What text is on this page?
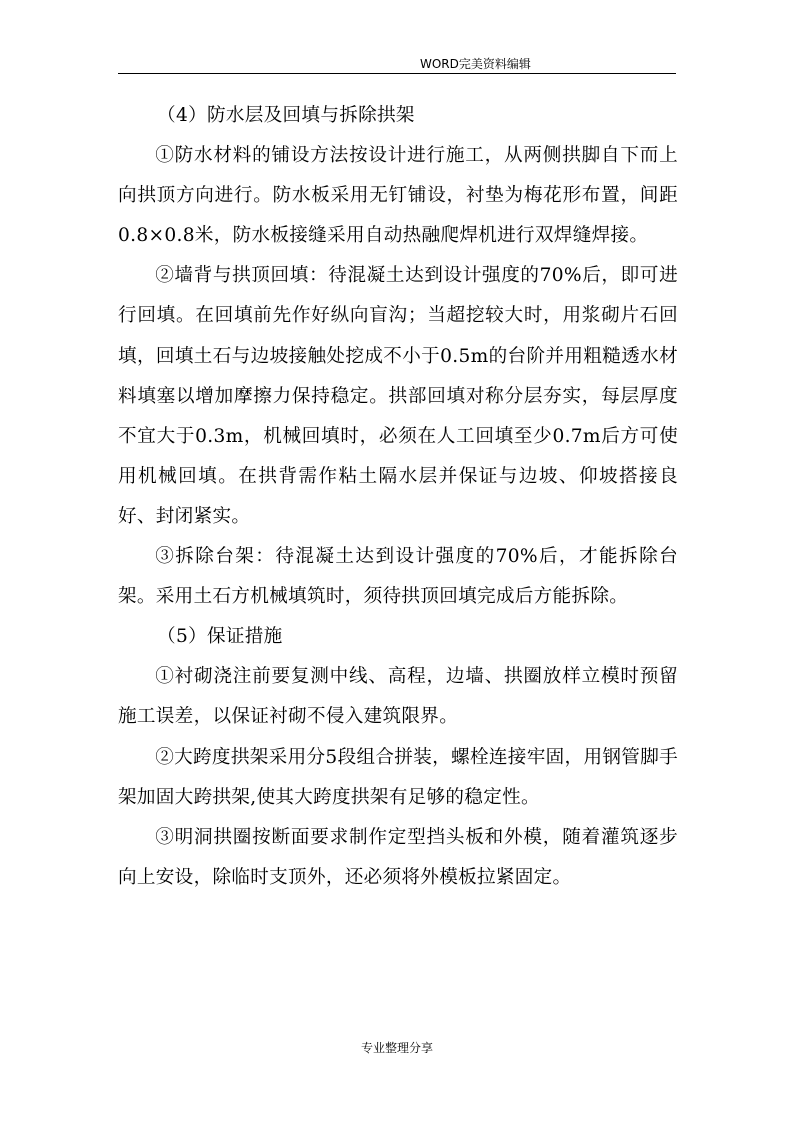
WORD完美资料编辑

（4）防水层及回填与拆除拱架

①防水材料的铺设方法按设计进行施工，从两侧拱脚自下而上向拱顶方向进行。防水板采用无钉铺设，衬垫为梅花形布置，间距0.8×0.8米，防水板接缝采用自动热融爬焊机进行双焊缝焊接。

②墙背与拱顶回填：待混凝土达到设计强度的70%后，即可进行回填。在回填前先作好纵向盲沟；当超挖较大时，用浆砌片石回填，回填土石与边坡接触处挖成不小于0.5m的台阶并用粗糙透水材料填塞以增加摩擦力保持稳定。拱部回填对称分层夯实，每层厚度不宜大于0.3m，机械回填时，必须在人工回填至少0.7m后方可使用机械回填。在拱背需作粘土隔水层并保证与边坡、仰坡搭接良好、封闭紧实。

③拆除台架：待混凝土达到设计强度的70%后，才能拆除台架。采用土石方机械填筑时，须待拱顶回填完成后方能拆除。

（5）保证措施

①衬砌浇注前要复测中线、高程，边墙、拱圈放样立模时预留施工误差，以保证衬砌不侵入建筑限界。

②大跨度拱架采用分5段组合拼装，螺栓连接牢固，用钢管脚手架加固大跨拱架,使其大跨度拱架有足够的稳定性。

③明洞拱圈按断面要求制作定型挡头板和外模，随着灌筑逐步向上安设，除临时支顶外，还必须将外模板拉紧固定。

专业整理分享
